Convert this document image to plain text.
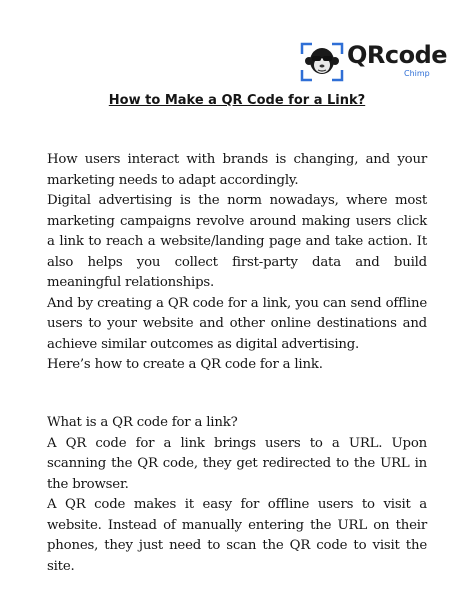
QRcode
Chimp
How to Make a QR Code for a Link?

How users interact with brands is changing, and your marketing needs to adapt accordingly.

Digital advertising is the norm nowadays, where most marketing campaigns revolve around making users click a link to reach a website/landing page and take action. It also helps you collect first-party data and build meaningful relationships.

And by creating a QR code for a link, you can send offline users to your website and other online destinations and achieve similar outcomes as digital advertising.

Here’s how to create a QR code for a link.

What is a QR code for a link?

A QR code for a link brings users to a URL. Upon scanning the QR code, they get redirected to the URL in the browser.

A QR code makes it easy for offline users to visit a website. Instead of manually entering the URL on their phones, they just need to scan the QR code to visit the site.
